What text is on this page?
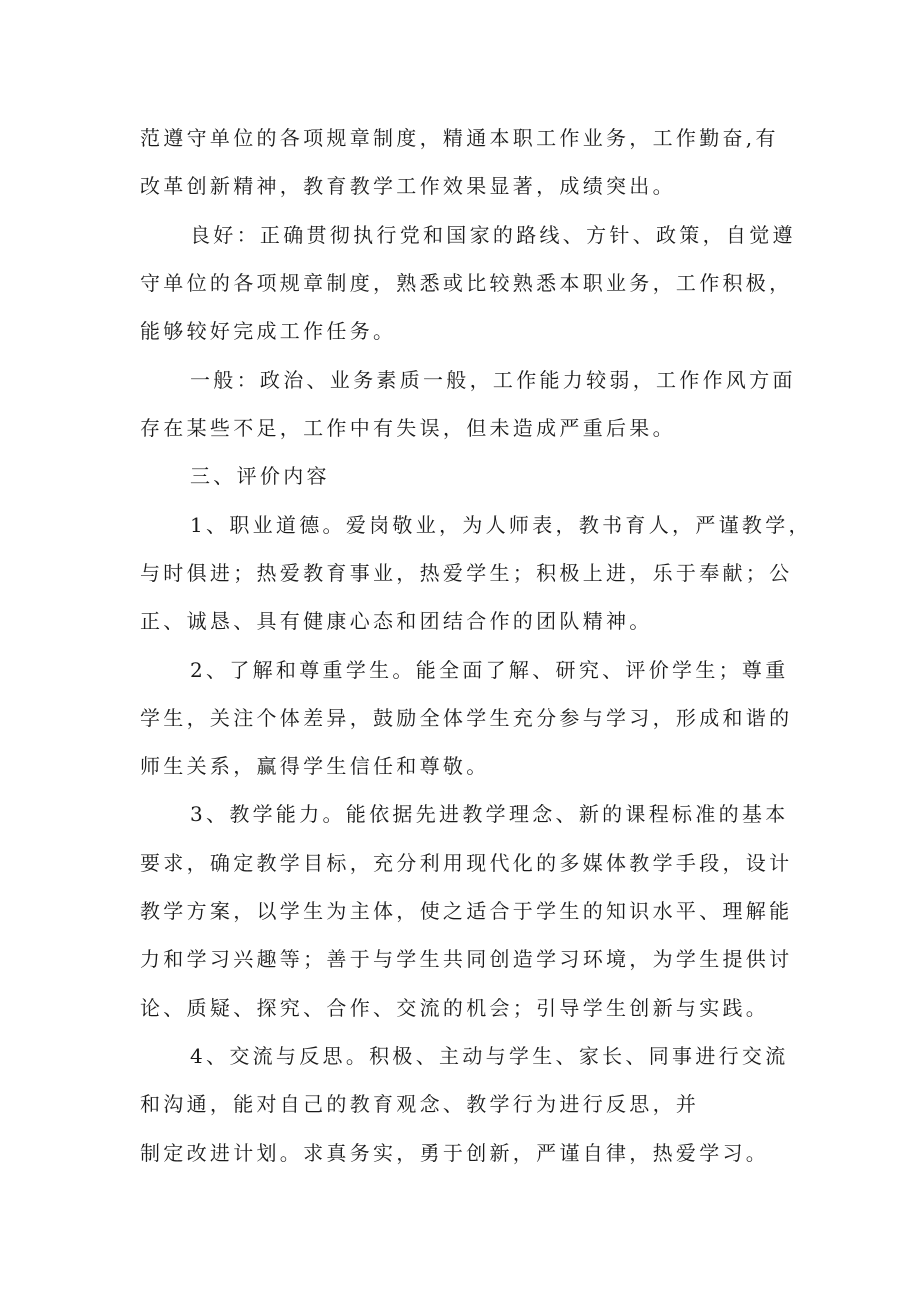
范遵守单位的各项规章制度，精通本职工作业务，工作勤奋,有
改革创新精神，教育教学工作效果显著，成绩突出。
良好：正确贯彻执行党和国家的路线、方针、政策，自觉遵
守单位的各项规章制度，熟悉或比较熟悉本职业务，工作积极，
能够较好完成工作任务。
一般：政治、业务素质一般，工作能力较弱，工作作风方面
存在某些不足，工作中有失误，但未造成严重后果。
三、评价内容
1、职业道德。爱岗敬业，为人师表，教书育人，严谨教学，
与时俱进；热爱教育事业，热爱学生；积极上进，乐于奉献；公
正、诚恳、具有健康心态和团结合作的团队精神。
2、了解和尊重学生。能全面了解、研究、评价学生；尊重
学生，关注个体差异，鼓励全体学生充分参与学习，形成和谐的
师生关系，赢得学生信任和尊敬。
3、教学能力。能依据先进教学理念、新的课程标准的基本
要求，确定教学目标，充分利用现代化的多媒体教学手段，设计
教学方案，以学生为主体，使之适合于学生的知识水平、理解能
力和学习兴趣等；善于与学生共同创造学习环境，为学生提供讨
论、质疑、探究、合作、交流的机会；引导学生创新与实践。
4、交流与反思。积极、主动与学生、家长、同事进行交流
和沟通，能对自己的教育观念、教学行为进行反思，并
制定改进计划。求真务实，勇于创新，严谨自律，热爱学习。
